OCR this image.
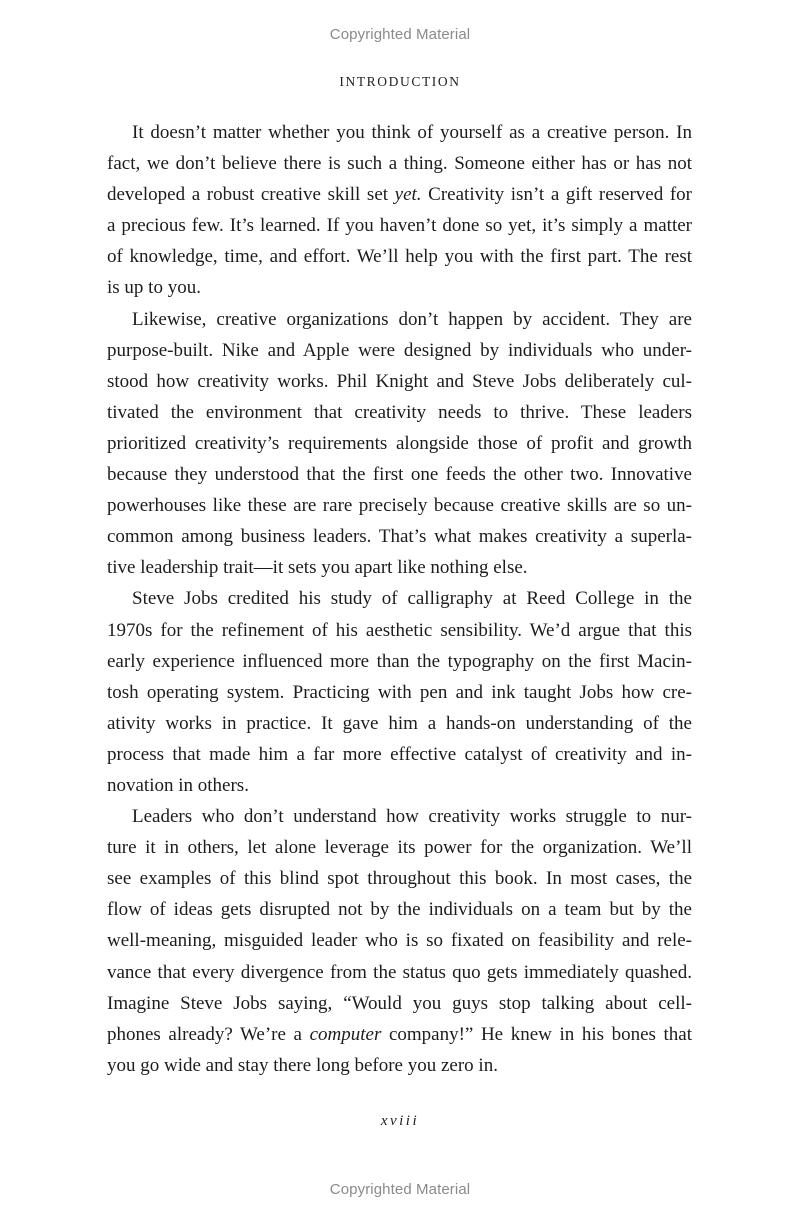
Copyrighted Material
INTRODUCTION

It doesn’t matter whether you think of yourself as a creative person. In
fact, we don’t believe there is such a thing. Someone either has or has not
developed a robust creative skill set yet. Creativity isn’t a gift reserved for
a precious few. It’s learned. If you haven’t done so yet, it’s simply a matter
of knowledge, time, and effort. We’ll help you with the first part. The rest
is up to you.

Likewise, creative organizations don’t happen by accident. They are
purpose-built. Nike and Apple were designed by individuals who under-
stood how creativity works. Phil Knight and Steve Jobs deliberately cul-
tivated the environment that creativity needs to thrive. These leaders
prioritized creativity’s requirements alongside those of profit and growth
because they understood that the first one feeds the other two. Innovative
powerhouses like these are rare precisely because creative skills are so un-
common among business leaders. That’s what makes creativity a superla-
tive leadership trait—it sets you apart like nothing else.

Steve Jobs credited his study of calligraphy at Reed College in the
1970s for the refinement of his aesthetic sensibility. We’d argue that this
early experience influenced more than the typography on the first Macin-
tosh operating system. Practicing with pen and ink taught Jobs how cre-
ativity works in practice. It gave him a hands-on understanding of the
process that made him a far more effective catalyst of creativity and in-
novation in others.

Leaders who don’t understand how creativity works struggle to nur-
ture it in others, let alone leverage its power for the organization. We’ll
see examples of this blind spot throughout this book. In most cases, the
flow of ideas gets disrupted not by the individuals on a team but by the
well-meaning, misguided leader who is so fixated on feasibility and rele-
vance that every divergence from the status quo gets immediately quashed.
Imagine Steve Jobs saying, “Would you guys stop talking about cell-
phones already? We’re a computer company!” He knew in his bones that
you go wide and stay there long before you zero in.

xviii
Copyrighted Material
